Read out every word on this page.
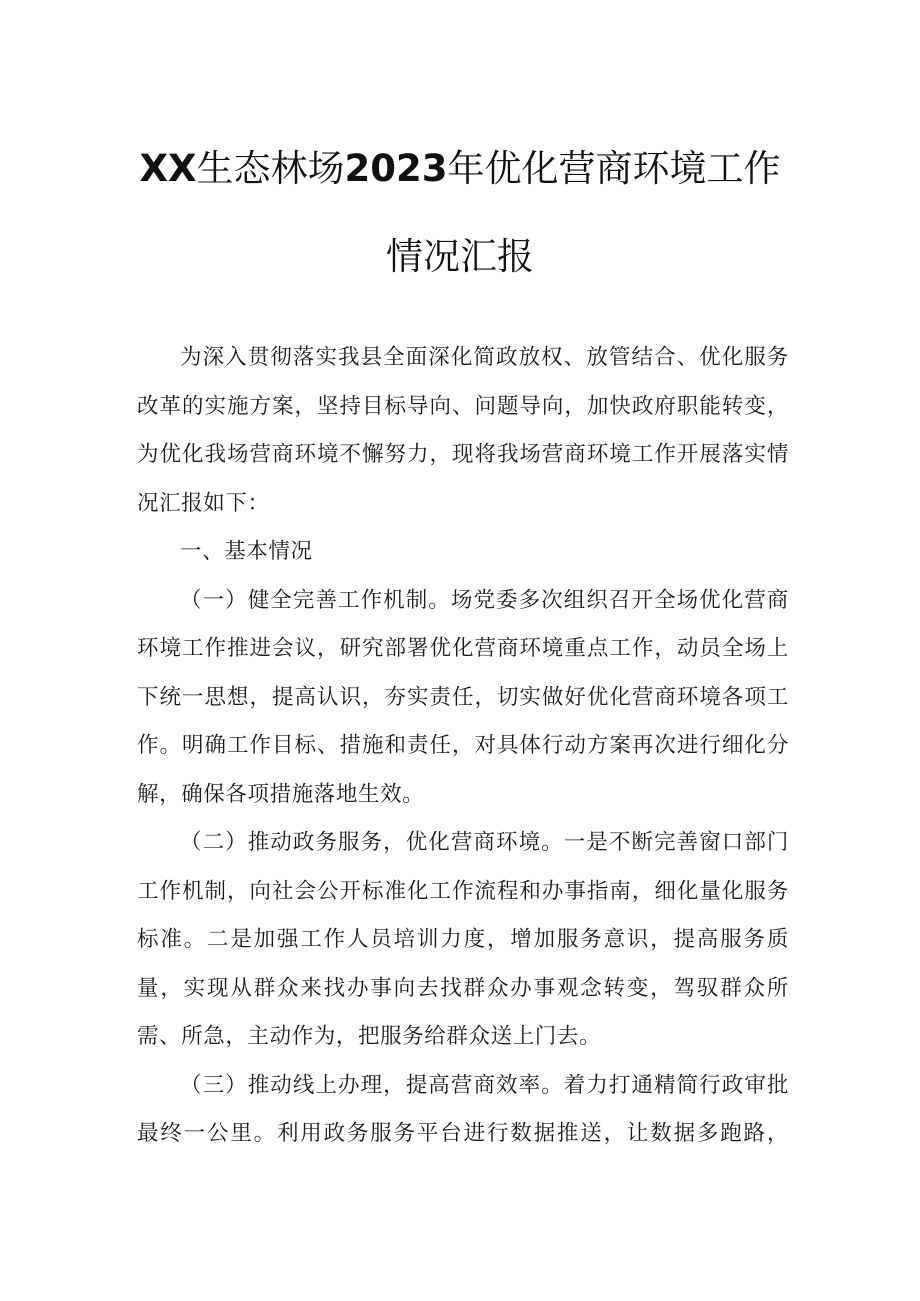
XX生态林场2023年优化营商环境工作
情况汇报

为深入贯彻落实我县全面深化简政放权、放管结合、优化服务改革的实施方案，坚持目标导向、问题导向，加快政府职能转变，为优化我场营商环境不懈努力，现将我场营商环境工作开展落实情况汇报如下：

一、基本情况

（一）健全完善工作机制。场党委多次组织召开全场优化营商环境工作推进会议，研究部署优化营商环境重点工作，动员全场上下统一思想，提高认识，夯实责任，切实做好优化营商环境各项工作。明确工作目标、措施和责任，对具体行动方案再次进行细化分解，确保各项措施落地生效。

（二）推动政务服务，优化营商环境。一是不断完善窗口部门工作机制，向社会公开标准化工作流程和办事指南，细化量化服务标准。二是加强工作人员培训力度，增加服务意识，提高服务质量，实现从群众来找办事向去找群众办事观念转变，驾驭群众所需、所急，主动作为，把服务给群众送上门去。

（三）推动线上办理，提高营商效率。着力打通精简行政审批最终一公里。利用政务服务平台进行数据推送，让数据多跑路，
